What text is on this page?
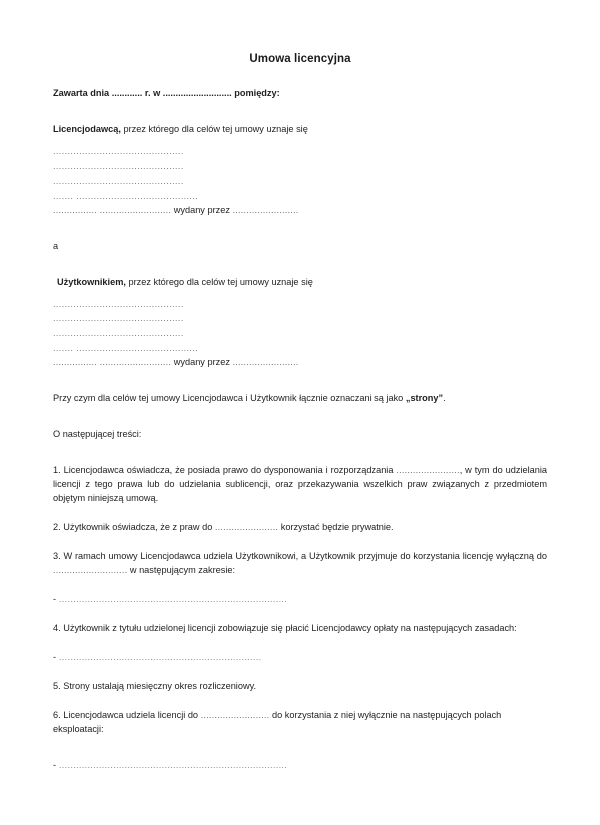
Umowa licencyjna

Zawarta dnia ............ r. w ........................... pomiędzy:

Licencjodawcą, przez którego dla celów tej umowy uznaje się

.............................................

.............................................

.............................................

....... ..........................................

................ .......................... wydany przez ........................

a

Użytkownikiem, przez którego dla celów tej umowy uznaje się

.............................................

.............................................

.............................................

....... ..........................................

................ .......................... wydany przez ........................

Przy czym dla celów tej umowy Licencjodawca i Użytkownik łącznie oznaczani są jako „strony”.

O następującej treści:

1. Licencjodawca oświadcza, że posiada prawo do dysponowania i rozporządzania ......................., w tym do udzielania licencji z tego prawa lub do udzielania sublicencji, oraz przekazywania wszelkich praw związanych z przedmiotem objętym niniejszą umową.

2. Użytkownik oświadcza, że z praw do ....................... korzystać będzie prywatnie.

3. W ramach umowy Licencjodawca udziela Użytkownikowi, a Użytkownik przyjmuje do korzystania licencję wyłączną do ........................... w następującym zakresie:

- ................................................................................

4. Użytkownik z tytułu udzielonej licencji zobowiązuje się płacić Licencjodawcy opłaty na następujących zasadach:

- .......................................................................

5. Strony ustalają miesięczny okres rozliczeniowy.

6. Licencjodawca udziela licencji do ......................... do korzystania z niej wyłącznie na następujących polach eksploatacji:

- ................................................................................
